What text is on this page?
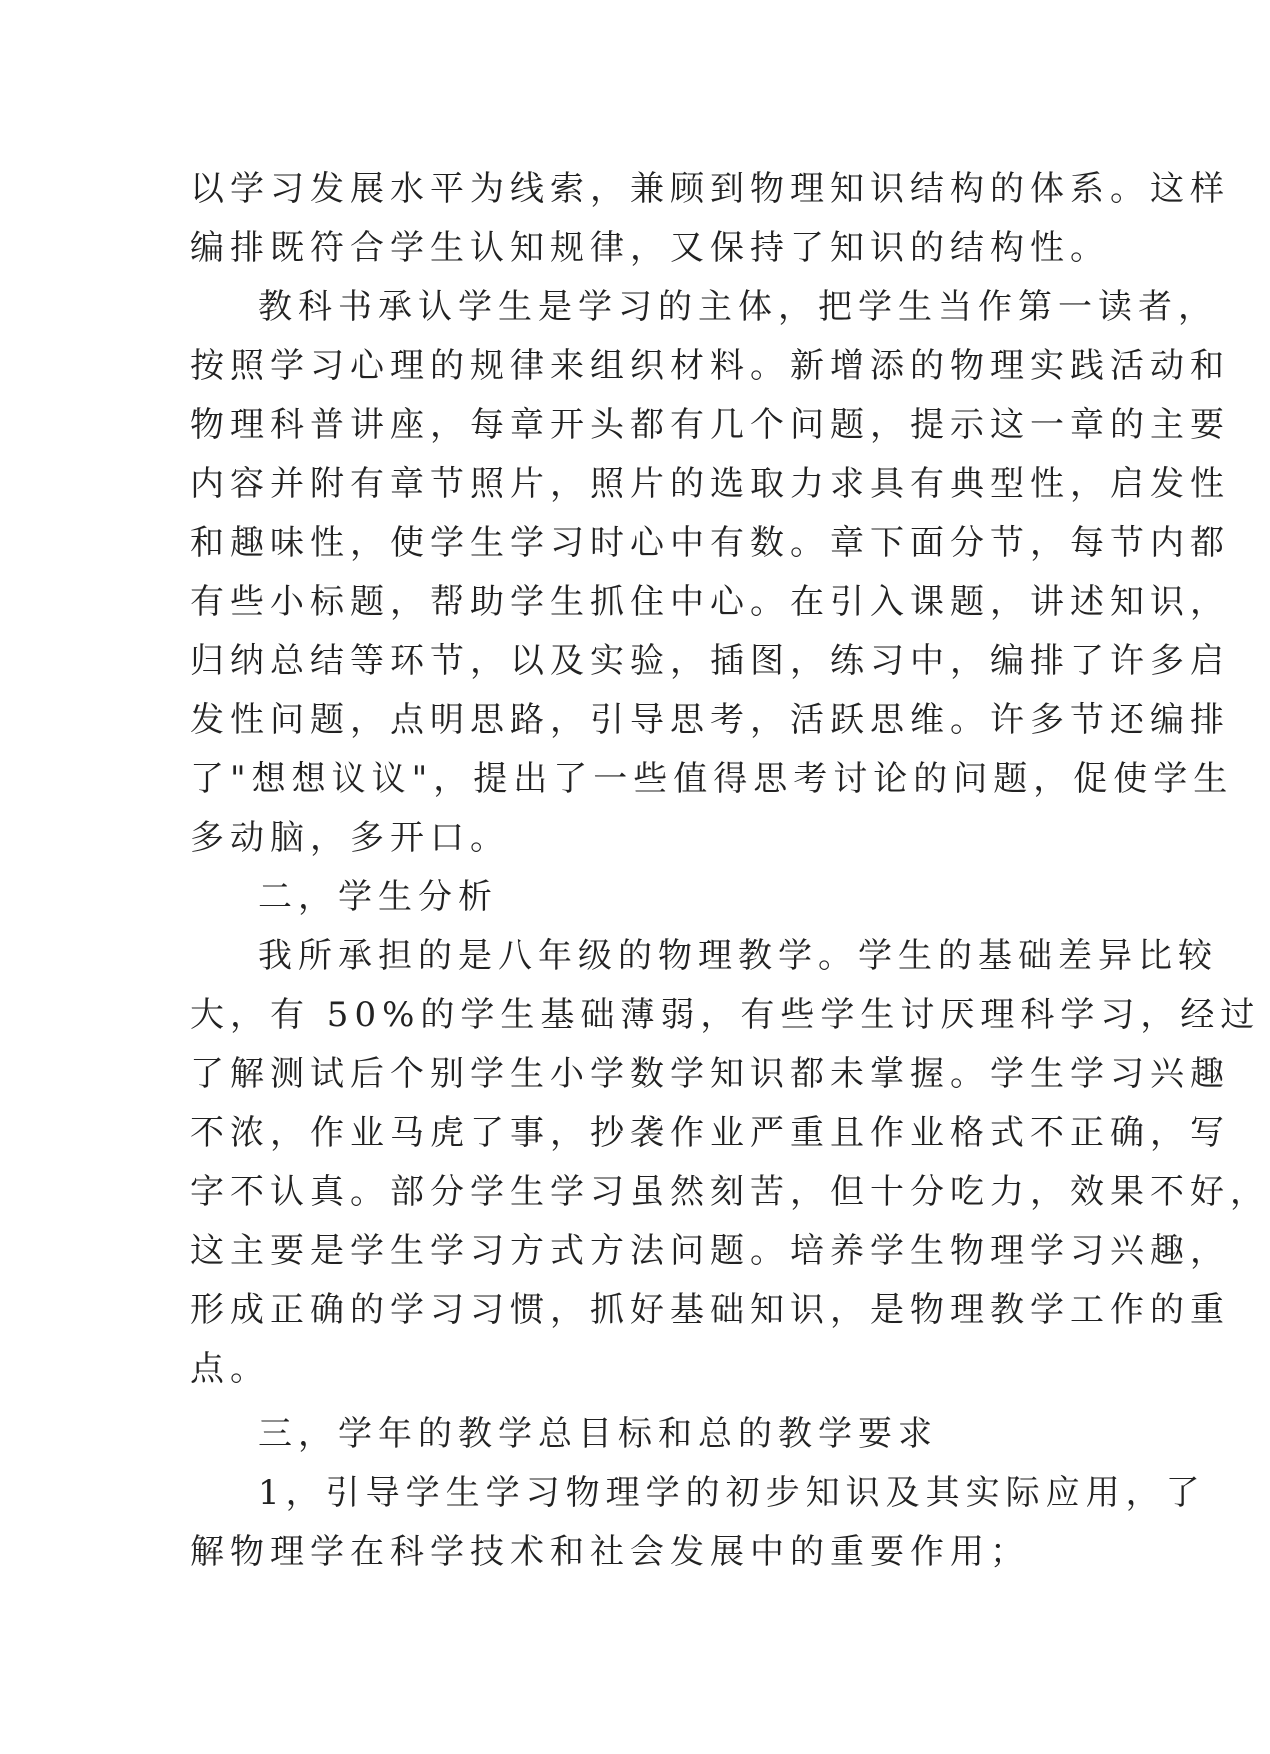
以学习发展水平为线索，兼顾到物理知识结构的体系。这样
编排既符合学生认知规律，又保持了知识的结构性。
教科书承认学生是学习的主体，把学生当作第一读者，
按照学习心理的规律来组织材料。新增添的物理实践活动和
物理科普讲座，每章开头都有几个问题，提示这一章的主要
内容并附有章节照片，照片的选取力求具有典型性，启发性
和趣味性，使学生学习时心中有数。章下面分节，每节内都
有些小标题，帮助学生抓住中心。在引入课题，讲述知识，
归纳总结等环节，以及实验，插图，练习中，编排了许多启
发性问题，点明思路，引导思考，活跃思维。许多节还编排
了"想想议议"，提出了一些值得思考讨论的问题，促使学生
多动脑，多开口。
二，学生分析
我所承担的是八年级的物理教学。学生的基础差异比较
大，有 50%的学生基础薄弱，有些学生讨厌理科学习，经过
了解测试后个别学生小学数学知识都未掌握。学生学习兴趣
不浓，作业马虎了事，抄袭作业严重且作业格式不正确，写
字不认真。部分学生学习虽然刻苦，但十分吃力，效果不好，
这主要是学生学习方式方法问题。培养学生物理学习兴趣，
形成正确的学习习惯，抓好基础知识，是物理教学工作的重
点。
三，学年的教学总目标和总的教学要求
1，引导学生学习物理学的初步知识及其实际应用，了
解物理学在科学技术和社会发展中的重要作用；
